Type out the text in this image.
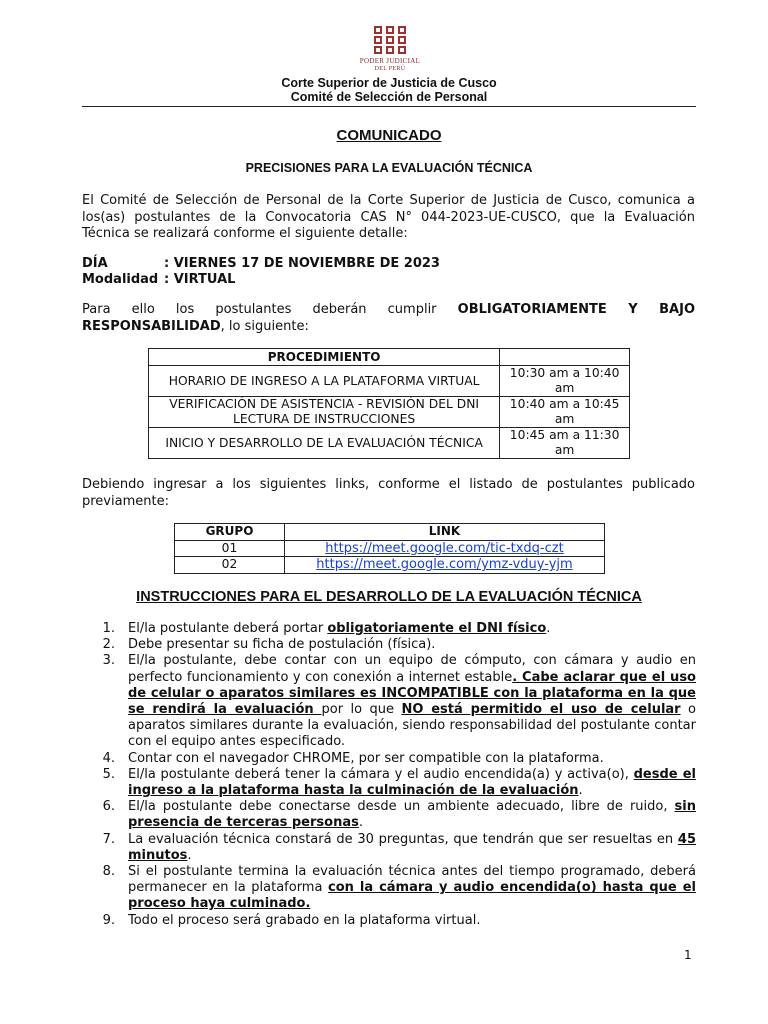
PODER JUDICIAL
DEL PERÚ
Corte Superior de Justicia de Cusco
Comité de Selección de Personal
COMUNICADO
PRECISIONES PARA LA EVALUACIÓN TÉCNICA
El Comité de Selección de Personal de la Corte Superior de Justicia de Cusco, comunica a los(as) postulantes de la Convocatoria CAS N° 044-2023-UE-CUSCO, que la Evaluación Técnica se realizará conforme el siguiente detalle:
DÍA	: VIERNES 17 DE NOVIEMBRE DE 2023
Modalidad : VIRTUAL
Para ello los postulantes deberán cumplir OBLIGATORIAMENTE Y BAJO RESPONSABILIDAD, lo siguiente:
PROCEDIMIENTO	
HORARIO DE INGRESO A LA PLATAFORMA VIRTUAL	10:30 am a 10:40 am
VERIFICACIÓN DE ASISTENCIA - REVISIÓN DEL DNI LECTURA DE INSTRUCCIONES	10:40 am a 10:45 am
INICIO Y DESARROLLO DE LA EVALUACIÓN TÉCNICA	10:45 am a 11:30 am
Debiendo ingresar a los siguientes links, conforme el listado de postulantes publicado previamente:
GRUPO	LINK
01	https://meet.google.com/tic-txdq-czt
02	https://meet.google.com/ymz-vduy-yjm
INSTRUCCIONES PARA EL DESARROLLO DE LA EVALUACIÓN TÉCNICA
1. El/la postulante deberá portar obligatoriamente el DNI físico.
2. Debe presentar su ficha de postulación (física).
3. El/la postulante, debe contar con un equipo de cómputo, con cámara y audio en perfecto funcionamiento y con conexión a internet estable. Cabe aclarar que el uso de celular o aparatos similares es INCOMPATIBLE con la plataforma en la que se rendirá la evaluación por lo que NO está permitido el uso de celular o aparatos similares durante la evaluación, siendo responsabilidad del postulante contar con el equipo antes especificado.
4. Contar con el navegador CHROME, por ser compatible con la plataforma.
5. El/la postulante deberá tener la cámara y el audio encendida(a) y activa(o), desde el ingreso a la plataforma hasta la culminación de la evaluación.
6. El/la postulante debe conectarse desde un ambiente adecuado, libre de ruido, sin presencia de terceras personas.
7. La evaluación técnica constará de 30 preguntas, que tendrán que ser resueltas en 45 minutos.
8. Si el postulante termina la evaluación técnica antes del tiempo programado, deberá permanecer en la plataforma con la cámara y audio encendida(o) hasta que el proceso haya culminado.
9. Todo el proceso será grabado en la plataforma virtual.
1
